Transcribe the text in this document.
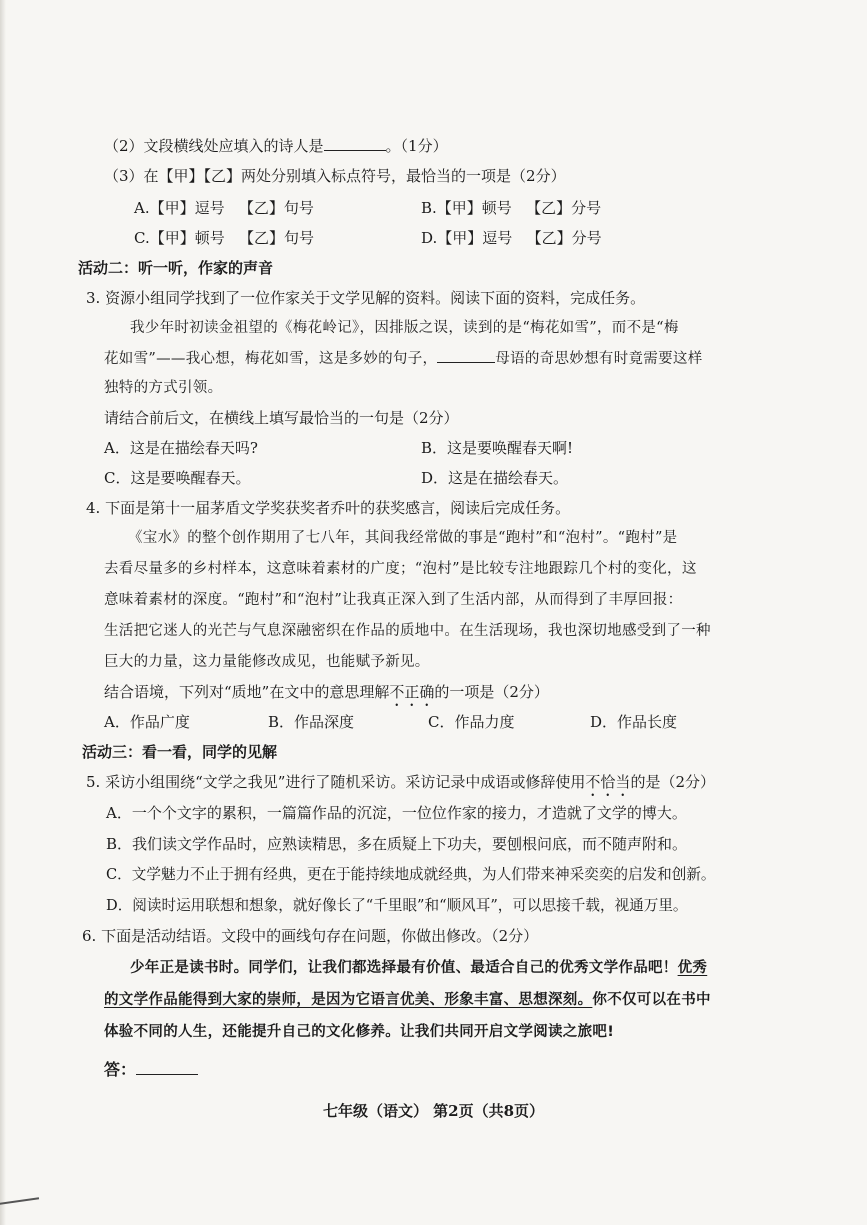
（2）文段横线处应填入的诗人是	。（1分）
（3）在【甲】【乙】两处分别填入标点符号，最恰当的一项是（2分）
A.【甲】逗号 【乙】句号	B.【甲】顿号 【乙】分号
C.【甲】顿号 【乙】句号	D.【甲】逗号 【乙】分号
活动二：听一听，作家的声音
3. 资源小组同学找到了一位作家关于文学见解的资料。阅读下面的资料，完成任务。
我少年时初读金祖望的《梅花岭记》，因排版之误，读到的是“梅花如雪”，而不是“梅
花如雪”——我心想，梅花如雪，这是多妙的句子，	母语的奇思妙想有时竟需要这样
独特的方式引领。
请结合前后文，在横线上填写最恰当的一句是（2分）
A．这是在描绘春天吗?	B．这是要唤醒春天啊!
C．这是要唤醒春天。	D．这是在描绘春天。
4. 下面是第十一届茅盾文学奖获奖者乔叶的获奖感言，阅读后完成任务。
《宝水》的整个创作期用了七八年，其间我经常做的事是“跑村”和“泡村”。“跑村”是
去看尽量多的乡村样本，这意味着素材的广度；“泡村”是比较专注地跟踪几个村的变化，这
意味着素材的深度。“跑村”和“泡村”让我真正深入到了生活内部，从而得到了丰厚回报：
生活把它迷人的光芒与气息深融密织在作品的质地中。在生活现场，我也深切地感受到了一种
巨大的力量，这力量能修改成见，也能赋予新见。
结合语境，下列对“质地”在文中的意思理解不正确的一项是（2分）
A．作品广度	B．作品深度	C．作品力度	D．作品长度
活动三：看一看，同学的见解
5. 采访小组围绕“文学之我见”进行了随机采访。采访记录中成语或修辞使用不恰当的是（2分）
A．一个个文字的累积，一篇篇作品的沉淀，一位位作家的接力，才造就了文学的博大。
B．我们读文学作品时，应熟读精思，多在质疑上下功夫，要刨根问底，而不随声附和。
C．文学魅力不止于拥有经典，更在于能持续地成就经典，为人们带来神采奕奕的启发和创新。
D．阅读时运用联想和想象，就好像长了“千里眼”和“顺风耳”，可以思接千载，视通万里。
6. 下面是活动结语。文段中的画线句存在问题，你做出修改。（2分）
少年正是读书时。同学们，让我们都选择最有价值、最适合自己的优秀文学作品吧！优秀
的文学作品能得到大家的崇师，是因为它语言优美、形象丰富、思想深刻。你不仅可以在书中
体验不同的人生，还能提升自己的文化修养。让我们共同开启文学阅读之旅吧!
答：
七年级（语文） 第2页（共8页）
